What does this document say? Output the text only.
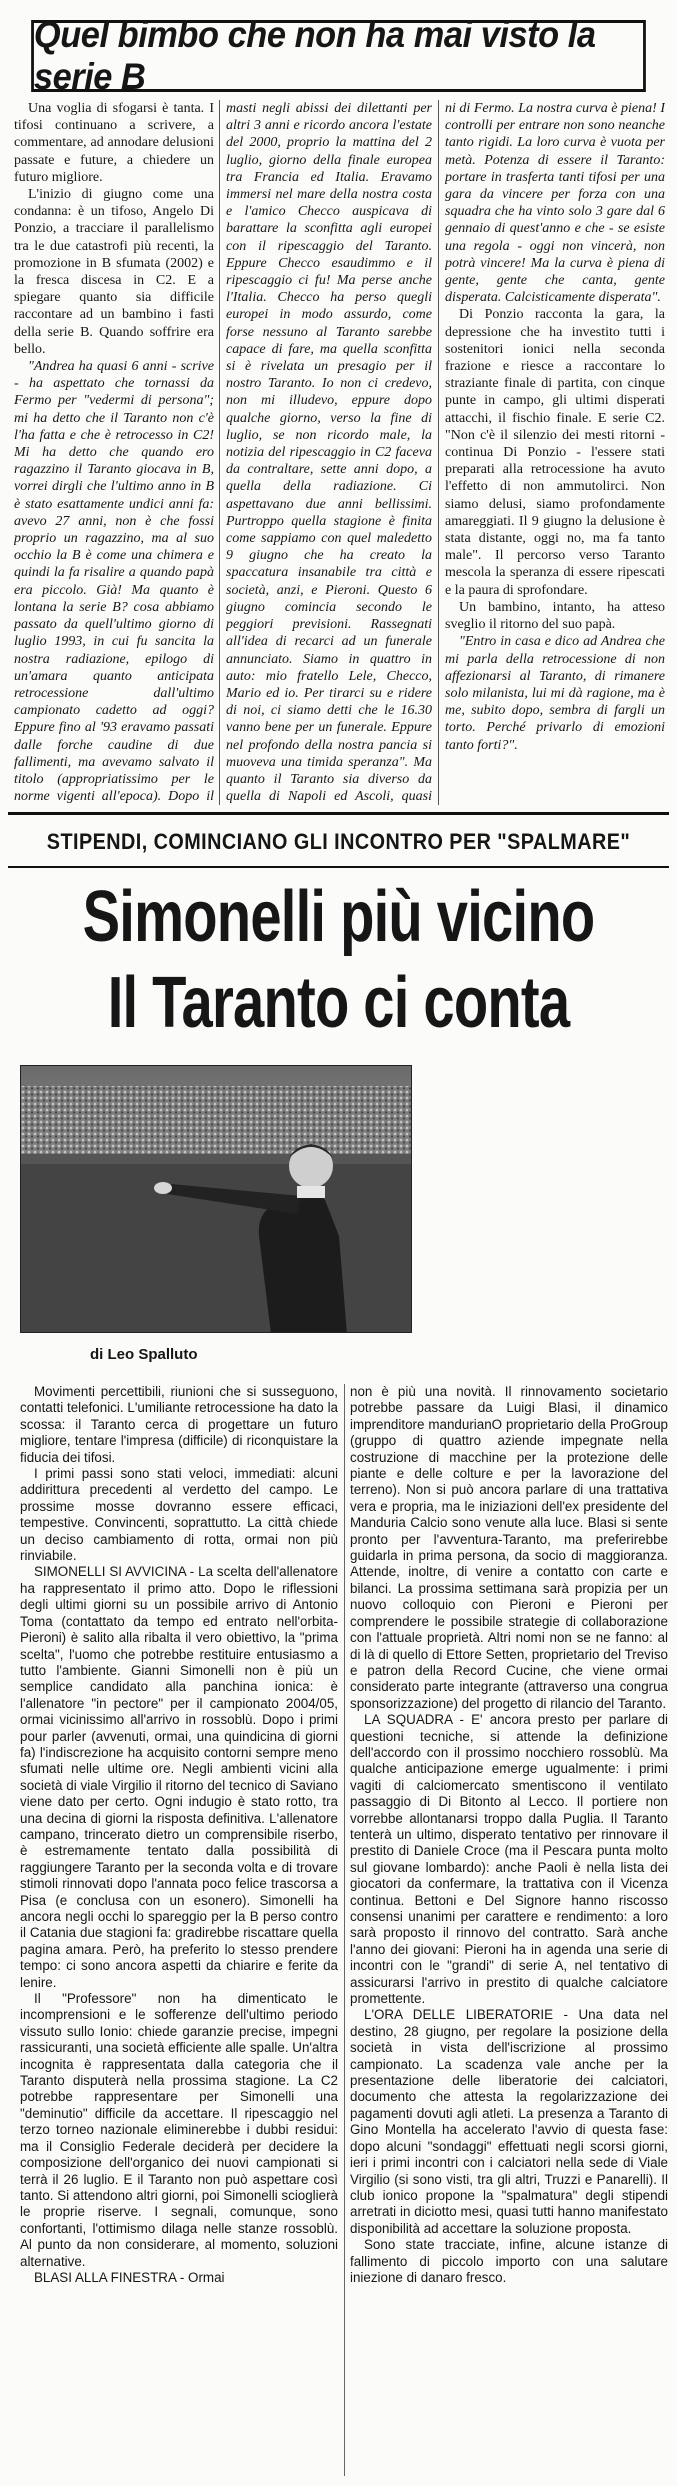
Quel bimbo che non ha mai visto la serie B

Una voglia di sfogarsi è tanta. I tifosi continuano a scrivere, a commentare, ad annodare delusioni passate e future, a chiedere un futuro migliore.

L'inizio di giugno come una condanna: è un tifoso, Angelo Di Ponzio, a tracciare il parallelismo tra le due catastrofi più recenti, la promozione in B sfumata (2002) e la fresca discesa in C2. E a spiegare quanto sia difficile raccontare ad un bambino i fasti della serie B. Quando soffrire era bello.

"Andrea ha quasi 6 anni - scrive - ha aspettato che tornassi da Fermo per "vedermi di persona"; mi ha detto che il Taranto non c'è l'ha fatta e che è retrocesso in C2! Mi ha detto che quando ero ragazzino il Taranto giocava in B, vorrei dirgli che l'ultimo anno in B è stato esattamente undici anni fa: avevo 27 anni, non è che fossi proprio un ragazzino, ma al suo occhio la B è come una chimera e quindi la fa risalire a quando papà era piccolo. Già! Ma quanto è lontana la serie B? cosa abbiamo passato da quell'ultimo giorno di luglio 1993, in cui fu sancita la nostra radiazione, epilogo di un'amara quanto anticipata retrocessione dall'ultimo campionato cadetto ad oggi? Eppure fino al '93 eravamo passati dalle forche caudine di due fallimenti, ma avevamo salvato il titolo (appropriatissimo per le norme vigenti all'epoca). Dopo il

masti negli abissi dei dilettanti per altri 3 anni e ricordo ancora l'estate del 2000, proprio la mattina del 2 luglio, giorno della finale europea tra Francia ed Italia. Eravamo immersi nel mare della nostra costa e l'amico Checco auspicava di barattare la sconfitta agli europei con il ripescaggio del Taranto. Eppure Checco esaudimmo e il ripescaggio ci fu! Ma perse anche l'Italia. Checco ha perso quegli europei in modo assurdo, come forse nessuno al Taranto sarebbe capace di fare, ma quella sconfitta si è rivelata un presagio per il nostro Taranto. Io non ci credevo, non mi illudevo, eppure dopo qualche giorno, verso la fine di luglio, se non ricordo male, la notizia del ripescaggio in C2 faceva da contraltare, sette anni dopo, a quella della radiazione. Ci aspettavano due anni bellissimi. Purtroppo quella stagione è finita come sappiamo con quel maledetto 9 giugno che ha creato la spaccatura insanabile tra città e società, anzi, e Pieroni. Questo 6 giugno comincia secondo le peggiori previsioni. Rassegnati all'idea di recarci ad un funerale annunciato. Siamo in quattro in auto: mio fratello Lele, Checco, Mario ed io. Per tirarci su e ridere di noi, ci siamo detti che le 16.30 vanno bene per un funerale. Eppure nel profondo della nostra pancia si muoveva una timida speranza". Ma quanto il Taranto sia diverso da quella di Napoli ed Ascoli, quasi

ni di Fermo. La nostra curva è piena! I controlli per entrare non sono neanche tanto rigidi. La loro curva è vuota per metà. Potenza di essere il Taranto: portare in trasferta tanti tifosi per una gara da vincere per forza con una squadra che ha vinto solo 3 gare dal 6 gennaio di quest'anno e che - se esiste una regola - oggi non vincerà, non potrà vincere! Ma la curva è piena di gente, gente che canta, gente disperata. Calcisticamente disperata".

Di Ponzio racconta la gara, la depressione che ha investito tutti i sostenitori ionici nella seconda frazione e riesce a raccontare lo straziante finale di partita, con cinque punte in campo, gli ultimi disperati attacchi, il fischio finale. E serie C2. "Non c'è il silenzio dei mesti ritorni - continua Di Ponzio - l'essere stati preparati alla retrocessione ha avuto l'effetto di non ammutolirci. Non siamo delusi, siamo profondamente amareggiati. Il 9 giugno la delusione è stata distante, oggi no, ma fa tanto male". Il percorso verso Taranto mescola la speranza di essere ripescati e la paura di sprofondare.

Un bambino, intanto, ha atteso sveglio il ritorno del suo papà.

"Entro in casa e dico ad Andrea che mi parla della retrocessione di non affezionarsi al Taranto, di rimanere solo milanista, lui mi dà ragione, ma è me, subito dopo, sembra di fargli un torto. Perché privarlo di emozioni tanto forti?".

STIPENDI, COMINCIANO GLI INCONTRO PER "SPALMARE"
Simonelli più vicino
Il Taranto ci conta
di Leo Spalluto

Movimenti percettibili, riunioni che si susseguono, contatti telefonici. L'umiliante retrocessione ha dato la scossa: il Taranto cerca di progettare un futuro migliore, tentare l'impresa (difficile) di riconquistare la fiducia dei tifosi.

I primi passi sono stati veloci, immediati: alcuni addirittura precedenti al verdetto del campo. Le prossime mosse dovranno essere efficaci, tempestive. Convincenti, soprattutto. La città chiede un deciso cambiamento di rotta, ormai non più rinviabile.

SIMONELLI SI AVVICINA - La scelta dell'allenatore ha rappresentato il primo atto. Dopo le riflessioni degli ultimi giorni su un possibile arrivo di Antonio Toma (contattato da tempo ed entrato nell'orbita-Pieroni) è salito alla ribalta il vero obiettivo, la "prima scelta", l'uomo che potrebbe restituire entusiasmo a tutto l'ambiente. Gianni Simonelli non è più un semplice candidato alla panchina ionica: è l'allenatore "in pectore" per il campionato 2004/05, ormai vicinissimo all'arrivo in rossoblù. Dopo i primi pour parler (avvenuti, ormai, una quindicina di giorni fa) l'indiscrezione ha acquisito contorni sempre meno sfumati nelle ultime ore. Negli ambienti vicini alla società di viale Virgilio il ritorno del tecnico di Saviano viene dato per certo. Ogni indugio è stato rotto, tra una decina di giorni la risposta definitiva. L'allenatore campano, trincerato dietro un comprensibile riserbo, è estremamente tentato dalla possibilità di raggiungere Taranto per la seconda volta e di trovare stimoli rinnovati dopo l'annata poco felice trascorsa a Pisa (e conclusa con un esonero). Simonelli ha ancora negli occhi lo spareggio per la B perso contro il Catania due stagioni fa: gradirebbe riscattare quella pagina amara. Però, ha preferito lo stesso prendere tempo: ci sono ancora aspetti da chiarire e ferite da lenire.

Il "Professore" non ha dimenticato le incomprensioni e le sofferenze dell'ultimo periodo vissuto sullo Ionio: chiede garanzie precise, impegni rassicuranti, una società efficiente alle spalle. Un'altra incognita è rappresentata dalla categoria che il Taranto disputerà nella prossima stagione. La C2 potrebbe rappresentare per Simonelli una "deminutio" difficile da accettare. Il ripescaggio nel terzo torneo nazionale eliminerebbe i dubbi residui: ma il Consiglio Federale deciderà per decidere la composizione dell'organico dei nuovi campionati si terrà il 26 luglio. E il Taranto non può aspettare così tanto. Si attendono altri giorni, poi Simonelli scioglierà le proprie riserve. I segnali, comunque, sono confortanti, l'ottimismo dilaga nelle stanze rossoblù. Al punto da non considerare, al momento, soluzioni alternative.

BLASI ALLA FINESTRA - Ormai

non è più una novità. Il rinnovamento societario potrebbe passare da Luigi Blasi, il dinamico imprenditore mandurianO proprietario della ProGroup (gruppo di quattro aziende impegnate nella costruzione di macchine per la protezione delle piante e delle colture e per la lavorazione del terreno). Non si può ancora parlare di una trattativa vera e propria, ma le iniziazioni dell'ex presidente del Manduria Calcio sono venute alla luce. Blasi si sente pronto per l'avventura-Taranto, ma preferirebbe guidarla in prima persona, da socio di maggioranza. Attende, inoltre, di venire a contatto con carte e bilanci. La prossima settimana sarà propizia per un nuovo colloquio con Pieroni e Pieroni per comprendere le possibile strategie di collaborazione con l'attuale proprietà. Altri nomi non se ne fanno: al di là di quello di Ettore Setten, proprietario del Treviso e patron della Record Cucine, che viene ormai considerato parte integrante (attraverso una congrua sponsorizzazione) del progetto di rilancio del Taranto.

LA SQUADRA - E' ancora presto per parlare di questioni tecniche, si attende la definizione dell'accordo con il prossimo nocchiero rossoblù. Ma qualche anticipazione emerge ugualmente: i primi vagiti di calciomercato smentiscono il ventilato passaggio di Di Bitonto al Lecco. Il portiere non vorrebbe allontanarsi troppo dalla Puglia. Il Taranto tenterà un ultimo, disperato tentativo per rinnovare il prestito di Daniele Croce (ma il Pescara punta molto sul giovane lombardo): anche Paoli è nella lista dei giocatori da confermare, la trattativa con il Vicenza continua. Bettoni e Del Signore hanno riscosso consensi unanimi per carattere e rendimento: a loro sarà proposto il rinnovo del contratto. Sarà anche l'anno dei giovani: Pieroni ha in agenda una serie di incontri con le "grandi" di serie A, nel tentativo di assicurarsi l'arrivo in prestito di qualche calciatore promettente.

L'ORA DELLE LIBERATORIE - Una data nel destino, 28 giugno, per regolare la posizione della società in vista dell'iscrizione al prossimo campionato. La scadenza vale anche per la presentazione delle liberatorie dei calciatori, documento che attesta la regolarizzazione dei pagamenti dovuti agli atleti. La presenza a Taranto di Gino Montella ha accelerato l'avvio di questa fase: dopo alcuni "sondaggi" effettuati negli scorsi giorni, ieri i primi incontri con i calciatori nella sede di Viale Virgilio (si sono visti, tra gli altri, Truzzi e Panarelli). Il club ionico propone la "spalmatura" degli stipendi arretrati in diciotto mesi, quasi tutti hanno manifestato disponibilità ad accettare la soluzione proposta.

Sono state tracciate, infine, alcune istanze di fallimento di piccolo importo con una salutare iniezione di danaro fresco.
